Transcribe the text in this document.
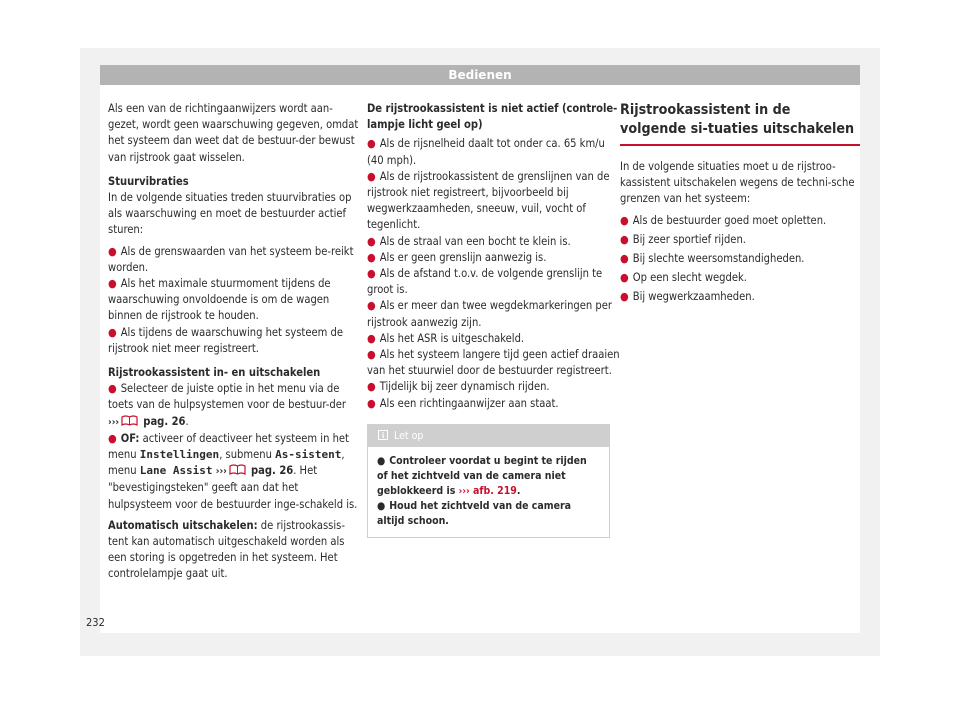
Bedienen

Als een van de richtingaanwijzers wordt aan-gezet, wordt geen waarschuwing gegeven, omdat het systeem dan weet dat de bestuur-der bewust van rijstrook gaat wisselen.

Stuurvibraties

In de volgende situaties treden stuurvibraties op als waarschuwing en moet de bestuurder actief sturen:

● Als de grenswaarden van het systeem be-reikt worden.

● Als het maximale stuurmoment tijdens de waarschuwing onvoldoende is om de wagen binnen de rijstrook te houden.

● Als tijdens de waarschuwing het systeem de rijstrook niet meer registreert.

Rijstrookassistent in- en uitschakelen

● Selecteer de juiste optie in het menu via de toets van de hulpsystemen voor de bestuur-der ››› pag. 26.

● OF: activeer of deactiveer het systeem in het menu Instellingen, submenu As-sistent, menu Lane Assist ››› pag. 26. Het "bevestigingsteken" geeft aan dat het hulpsysteem voor de bestuurder inge-schakeld is.

Automatisch uitschakelen: de rijstrookassis-tent kan automatisch uitgeschakeld worden als een storing is opgetreden in het systeem. Het controlelampje gaat uit.

De rijstrookassistent is niet actief (controle-lampje licht geel op)

● Als de rijsnelheid daalt tot onder ca. 65 km/u (40 mph).

● Als de rijstrookassistent de grenslijnen van de rijstrook niet registreert, bijvoorbeeld bij wegwerkzaamheden, sneeuw, vuil, vocht of tegenlicht.

● Als de straal van een bocht te klein is.

● Als er geen grenslijn aanwezig is.

● Als de afstand t.o.v. de volgende grenslijn te groot is.

● Als er meer dan twee wegdekmarkeringen per rijstrook aanwezig zijn.

● Als het ASR is uitgeschakeld.

● Als het systeem langere tijd geen actief draaien van het stuurwiel door de bestuurder registreert.

● Tijdelijk bij zeer dynamisch rijden.

● Als een richtingaanwijzer aan staat.

Let op

● Controleer voordat u begint te rijden of het zichtveld van de camera niet geblokkeerd is ››› afb. 219.

● Houd het zichtveld van de camera altijd schoon.

Rijstrookassistent in de volgende si-tuaties uitschakelen

In de volgende situaties moet u de rijstroo-kassistent uitschakelen wegens de techni-sche grenzen van het systeem:

● Als de bestuurder goed moet opletten.

● Bij zeer sportief rijden.

● Bij slechte weersomstandigheden.

● Op een slecht wegdek.

● Bij wegwerkzaamheden.

232
